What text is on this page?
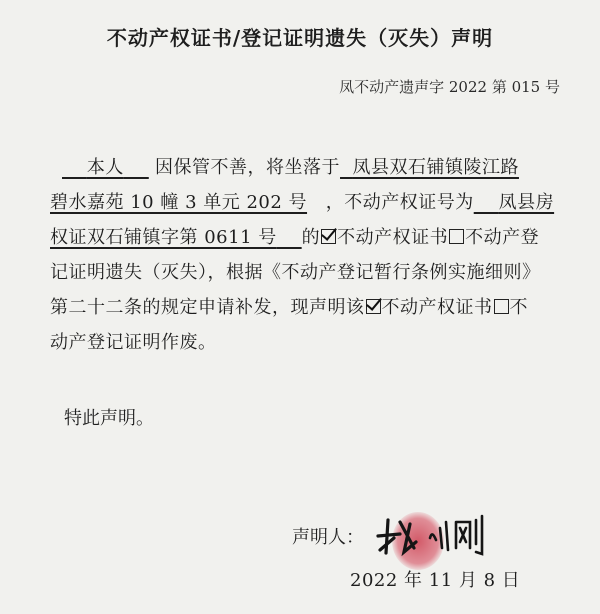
不动产权证书/登记证明遗失（灭失）声明
凤不动产遗声字 2022 第 015 号
本人 因保管不善，将坐落于 凤县双石铺镇陵江路
碧水嘉苑 10 幢 3 单元 202 号 ，不动产权证号为 凤县房
权证双石铺镇字第 0611 号 的 不动产权证书 不动产登
记证明遗失（灭失），根据《不动产登记暂行条例实施细则》
第二十二条的规定申请补发，现声明该 不动产权证书 不
动产登记证明作废。
特此声明。
声明人：
2022 年 11 月 8 日
